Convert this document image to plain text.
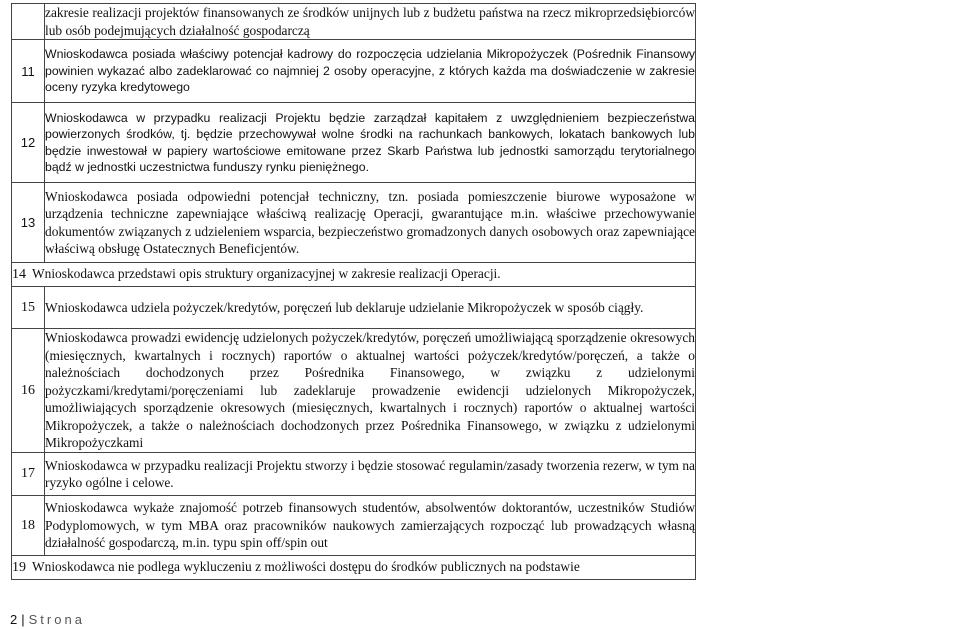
	zakresie realizacji projektów finansowanych ze środków unijnych lub z budżetu państwa na rzecz mikroprzedsiębiorców lub osób podejmujących działalność gospodarczą
11	Wnioskodawca posiada właściwy potencjał kadrowy do rozpoczęcia udzielania Mikropożyczek (Pośrednik Finansowy powinien wykazać albo zadeklarować co najmniej 2 osoby operacyjne, z których każda ma doświadczenie w zakresie oceny ryzyka kredytowego
12	Wnioskodawca w przypadku realizacji Projektu będzie zarządzał kapitałem z uwzględnieniem bezpieczeństwa powierzonych środków, tj. będzie przechowywał wolne środki na rachunkach bankowych, lokatach bankowych lub będzie inwestował w papiery wartościowe emitowane przez Skarb Państwa lub jednostki samorządu terytorialnego bądź w jednostki uczestnictwa funduszy rynku pieniężnego.
13	Wnioskodawca posiada odpowiedni potencjał techniczny, tzn. posiada pomieszczenie biurowe wyposażone w urządzenia techniczne zapewniające właściwą realizację Operacji, gwarantujące m.in. właściwe przechowywanie dokumentów związanych z udzieleniem wsparcia, bezpieczeństwo gromadzonych danych osobowych oraz zapewniające właściwą obsługę Ostatecznych Beneficjentów.
14 Wnioskodawca przedstawi opis struktury organizacyjnej w zakresie realizacji Operacji.	
15	Wnioskodawca udziela pożyczek/kredytów, poręczeń lub deklaruje udzielanie Mikropożyczek w sposób ciągły.
16	Wnioskodawca prowadzi ewidencję udzielonych pożyczek/kredytów, poręczeń umożliwiającą sporządzenie okresowych (miesięcznych, kwartalnych i rocznych) raportów o aktualnej wartości pożyczek/kredytów/poręczeń, a także o należnościach dochodzonych przez Pośrednika Finansowego, w związku z udzielonymi pożyczkami/kredytami/poręczeniami lub zadeklaruje prowadzenie ewidencji udzielonych Mikropożyczek, umożliwiających sporządzenie okresowych (miesięcznych, kwartalnych i rocznych) raportów o aktualnej wartości Mikropożyczek, a także o należnościach dochodzonych przez Pośrednika Finansowego, w związku z udzielonymi Mikropożyczkami
17	Wnioskodawca w przypadku realizacji Projektu stworzy i będzie stosować regulamin/zasady tworzenia rezerw, w tym na ryzyko ogólne i celowe.
18	Wnioskodawca wykaże znajomość potrzeb finansowych studentów, absolwentów doktorantów, uczestników Studiów Podyplomowych, w tym MBA oraz pracowników naukowych zamierzających rozpocząć lub prowadzących własną działalność gospodarczą, m.in. typu spin off/spin out
19 Wnioskodawca nie podlega wykluczeniu z możliwości dostępu do środków publicznych na podstawie	
2 | Strona
